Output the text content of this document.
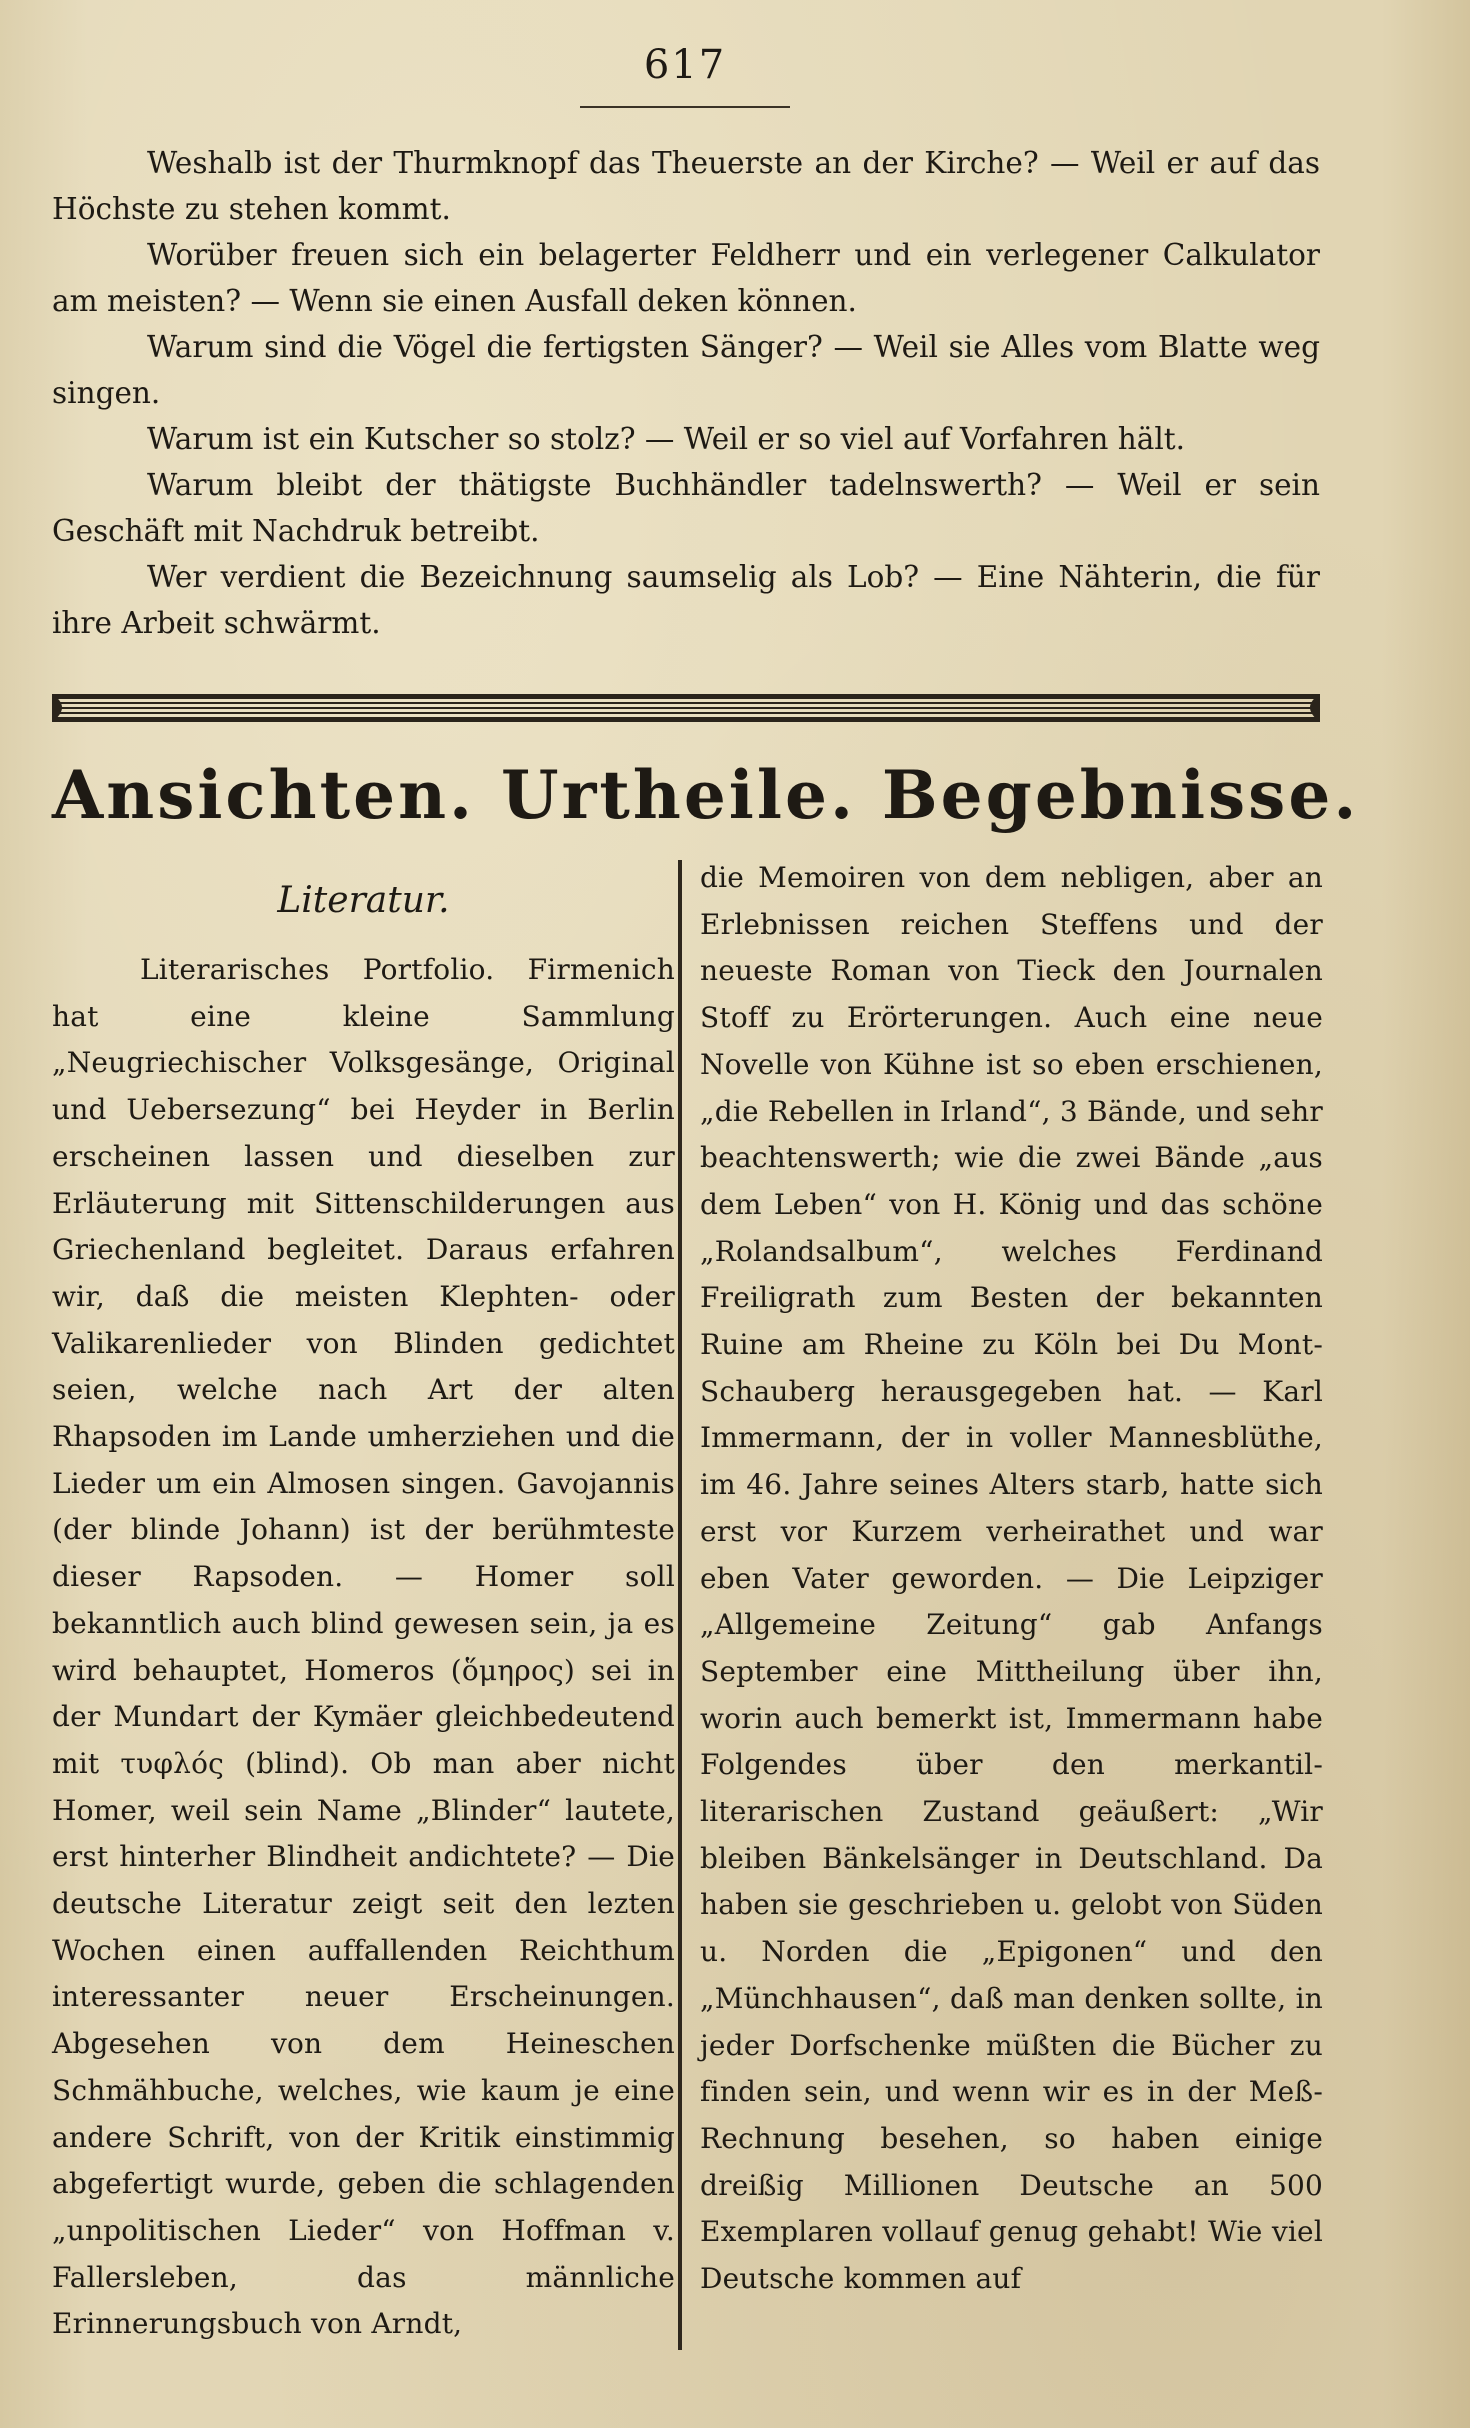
617

Weshalb ist der Thurmknopf das Theuerste an der Kirche? — Weil er auf das Höchste zu stehen kommt.

Worüber freuen sich ein belagerter Feldherr und ein verlegener Calkulator am meisten? — Wenn sie einen Ausfall deken können.

Warum sind die Vögel die fertigsten Sänger? — Weil sie Alles vom Blatte weg singen.

Warum ist ein Kutscher so stolz? — Weil er so viel auf Vorfahren hält.

Warum bleibt der thätigste Buchhändler tadelnswerth? — Weil er sein Geschäft mit Nachdruk betreibt.

Wer verdient die Bezeichnung saumselig als Lob? — Eine Nähterin, die für ihre Arbeit schwärmt.

Ansichten. Urtheile. Begebnisse.

Literatur.

Literarisches Portfolio. Firmenich hat eine kleine Sammlung „Neugriechischer Volksgesänge, Original und Uebersezung“ bei Heyder in Berlin erscheinen lassen und dieselben zur Erläuterung mit Sittenschilderungen aus Griechenland begleitet. Daraus erfahren wir, daß die meisten Klephten- oder Valikarenlieder von Blinden gedichtet seien, welche nach Art der alten Rhapsoden im Lande umherziehen und die Lieder um ein Almosen singen. Gavojannis (der blinde Johann) ist der berühmteste dieser Rapsoden. — Homer soll bekanntlich auch blind gewesen sein, ja es wird behauptet, Homeros (ὅμηρος) sei in der Mundart der Kymäer gleichbedeutend mit τυφλός (blind). Ob man aber nicht Homer, weil sein Name „Blinder“ lautete, erst hinterher Blindheit andichtete? — Die deutsche Literatur zeigt seit den lezten Wochen einen auffallenden Reichthum interessanter neuer Erscheinungen. Abgesehen von dem Heineschen Schmähbuche, welches, wie kaum je eine andere Schrift, von der Kritik einstimmig abgefertigt wurde, geben die schlagenden „unpolitischen Lieder“ von Hoffman v. Fallersleben, das männliche Erinnerungsbuch von Arndt,

die Memoiren von dem nebligen, aber an Erlebnissen reichen Steffens und der neueste Roman von Tieck den Journalen Stoff zu Erörterungen. Auch eine neue Novelle von Kühne ist so eben erschienen, „die Rebellen in Irland“, 3 Bände, und sehr beachtenswerth; wie die zwei Bände „aus dem Leben“ von H. König und das schöne „Rolandsalbum“, welches Ferdinand Freiligrath zum Besten der bekannten Ruine am Rheine zu Köln bei Du Mont-Schauberg herausgegeben hat. — Karl Immermann, der in voller Mannesblüthe, im 46. Jahre seines Alters starb, hatte sich erst vor Kurzem verheirathet und war eben Vater geworden. — Die Leipziger „Allgemeine Zeitung“ gab Anfangs September eine Mittheilung über ihn, worin auch bemerkt ist, Immermann habe Folgendes über den merkantil-literarischen Zustand geäußert: „Wir bleiben Bänkelsänger in Deutschland. Da haben sie geschrieben u. gelobt von Süden u. Norden die „Epigonen“ und den „Münchhausen“, daß man denken sollte, in jeder Dorfschenke müßten die Bücher zu finden sein, und wenn wir es in der Meß-Rechnung besehen, so haben einige dreißig Millionen Deutsche an 500 Exemplaren vollauf genug gehabt! Wie viel Deutsche kommen auf
